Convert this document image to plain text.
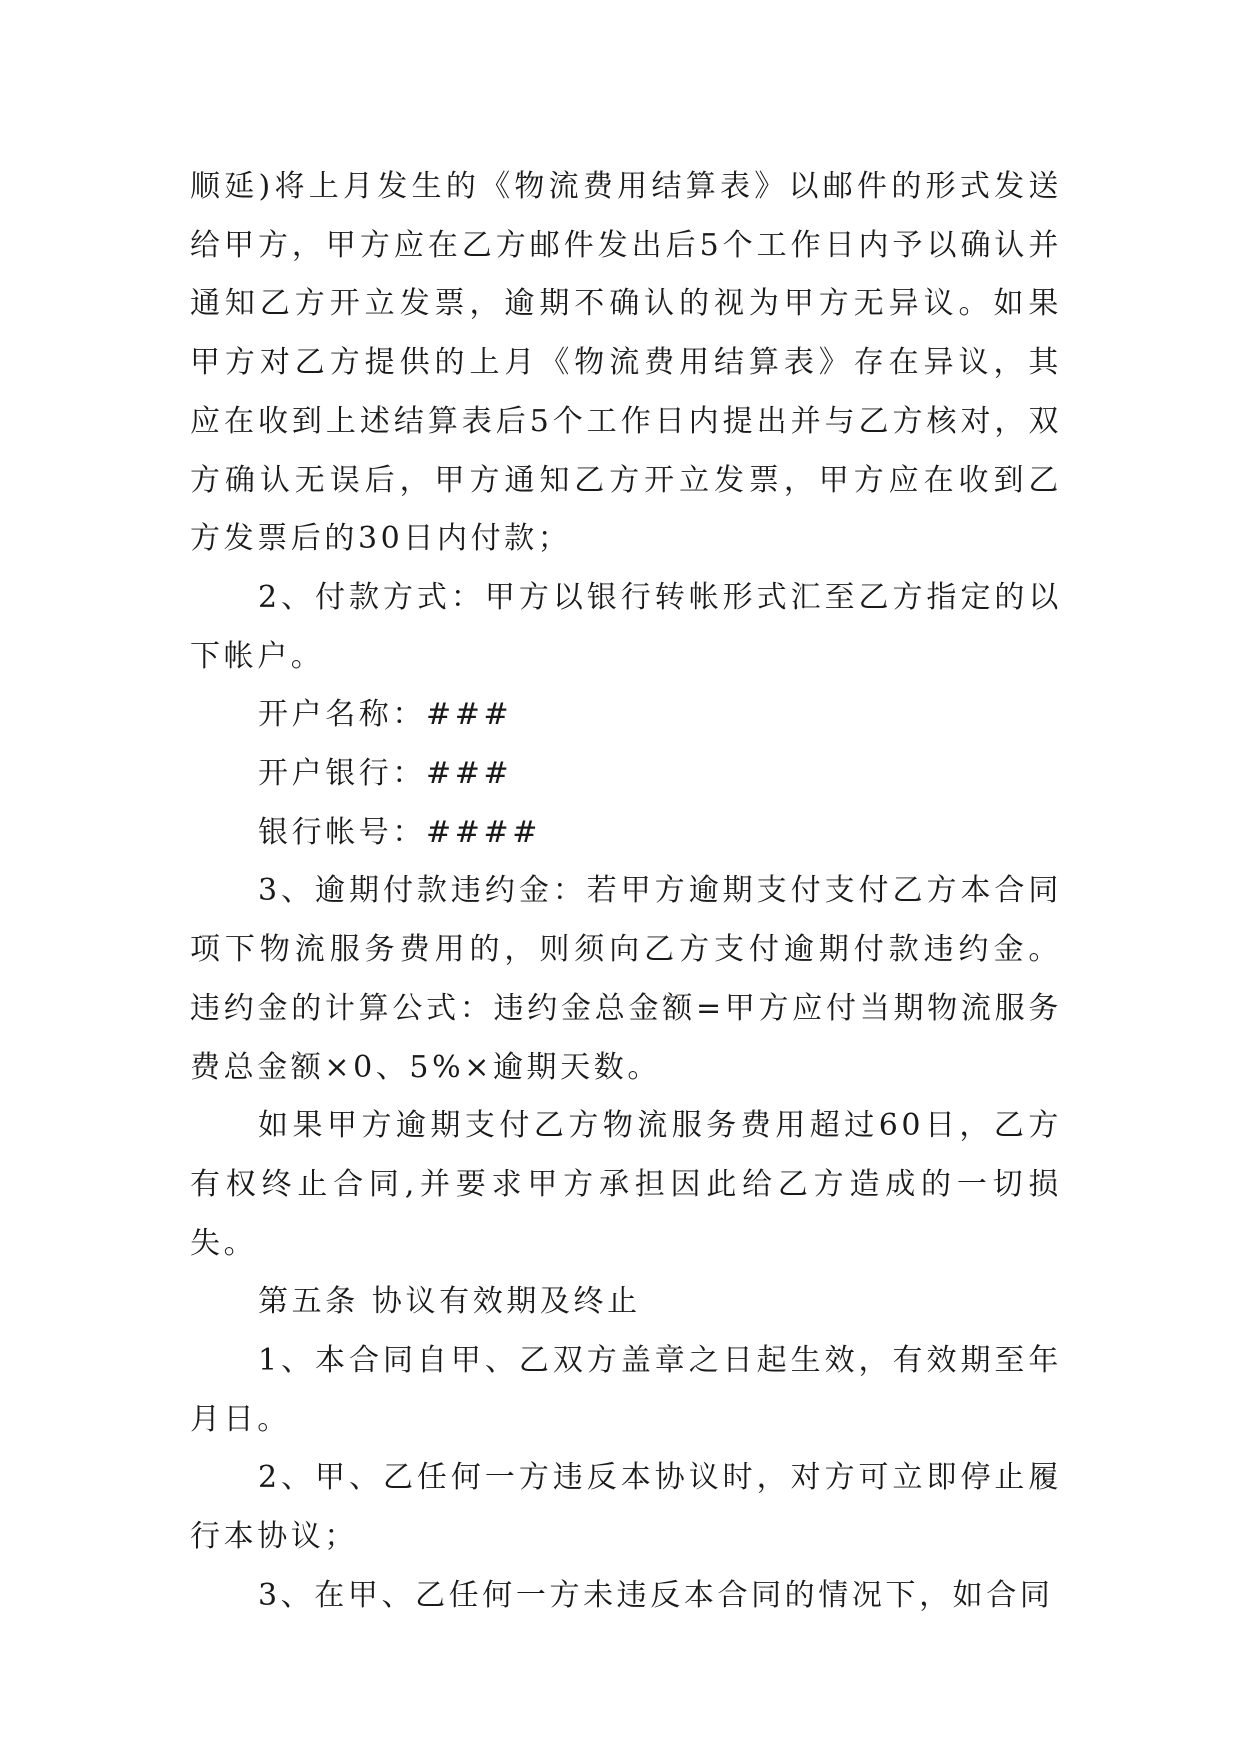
顺延)将上月发生的《物流费用结算表》以邮件的形式发送给甲方，甲方应在乙方邮件发出后5个工作日内予以确认并通知乙方开立发票，逾期不确认的视为甲方无异议。如果甲方对乙方提供的上月《物流费用结算表》存在异议，其应在收到上述结算表后5个工作日内提出并与乙方核对，双方确认无误后，甲方通知乙方开立发票，甲方应在收到乙方发票后的30日内付款；

2、付款方式：甲方以银行转帐形式汇至乙方指定的以下帐户。

开户名称：###

开户银行：###

银行帐号：####

3、逾期付款违约金：若甲方逾期支付支付乙方本合同项下物流服务费用的，则须向乙方支付逾期付款违约金。违约金的计算公式：违约金总金额=甲方应付当期物流服务费总金额×0、5%×逾期天数。

如果甲方逾期支付乙方物流服务费用超过60日，乙方有权终止合同,并要求甲方承担因此给乙方造成的一切损失。

第五条 协议有效期及终止

1、本合同自甲、乙双方盖章之日起生效，有效期至年月日。

2、甲、乙任何一方违反本协议时，对方可立即停止履行本协议；

3、在甲、乙任何一方未违反本合同的情况下，如合同
